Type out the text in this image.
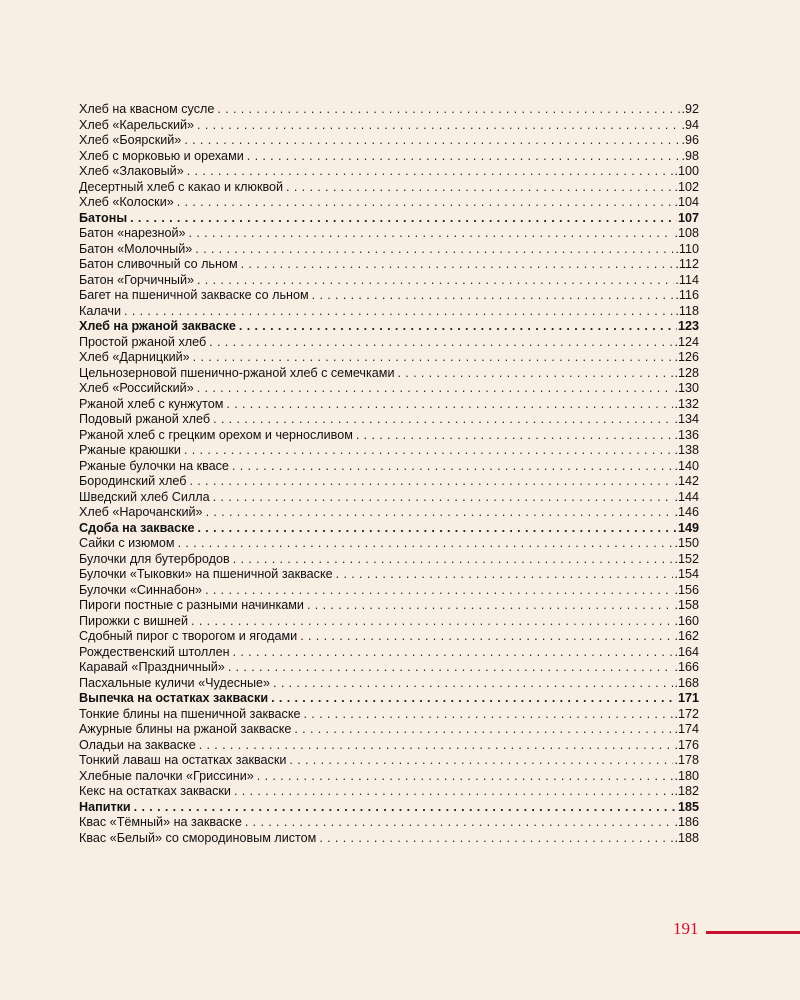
Хлеб на квасном сусле . . .	.92
Хлеб «Карельский» . . .	.94
Хлеб «Боярский» . . .	.96
Хлеб с морковью и орехами . . .	.98
Хлеб «Злаковый» . . .	.100
Десертный хлеб с какао и клюквой . . .	.102
Хлеб «Колоски» . . .	.104
Батоны . . .	107
Батон «нарезной» . . .	.108
Батон «Молочный» . . .	.110
Батон сливочный со льном . . .	.112
Батон «Горчичный» . . .	.114
Багет на пшеничной закваске со льном . . .	.116
Калачи . . .	.118
Хлеб на ржаной закваске . . .	123
Простой ржаной хлеб . . .	.124
Хлеб «Дарницкий» . . .	.126
Цельнозерновой пшенично-ржаной хлеб с семечками . . .	.128
Хлеб «Российский» . . .	.130
Ржаной хлеб с кунжутом . . .	.132
Подовый ржаной хлеб . . .	.134
Ржаной хлеб с грецким орехом и черносливом . . .	.136
Ржаные краюшки . . .	.138
Ржаные булочки на квасе . . .	.140
Бородинский хлеб . . .	.142
Шведский хлеб Силла . . .	.144
Хлеб «Нарочанский» . . .	.146
Сдоба на закваске . . .	149
Сайки с изюмом . . .	.150
Булочки для бутербродов . . .	.152
Булочки «Тыковки» на пшеничной закваске . . .	.154
Булочки «Синнабон» . . .	.156
Пироги постные с разными начинками . . .	.158
Пирожки с вишней . . .	.160
Сдобный пирог с творогом и ягодами . . .	.162
Рождественский штоллен . . .	.164
Каравай «Праздничный» . . .	.166
Пасхальные куличи «Чудесные» . . .	.168
Выпечка на остатках закваски . . .	171
Тонкие блины на пшеничной закваске . . .	.172
Ажурные блины на ржаной закваске . . .	.174
Оладьи на закваске . . .	.176
Тонкий лаваш на остатках закваски . . .	.178
Хлебные палочки «Гриссини» . . .	.180
Кекс на остатках закваски . . .	.182
Напитки . . .	185
Квас «Тёмный» на закваске . . .	.186
Квас «Белый» со смородиновым листом . . .	.188
191
